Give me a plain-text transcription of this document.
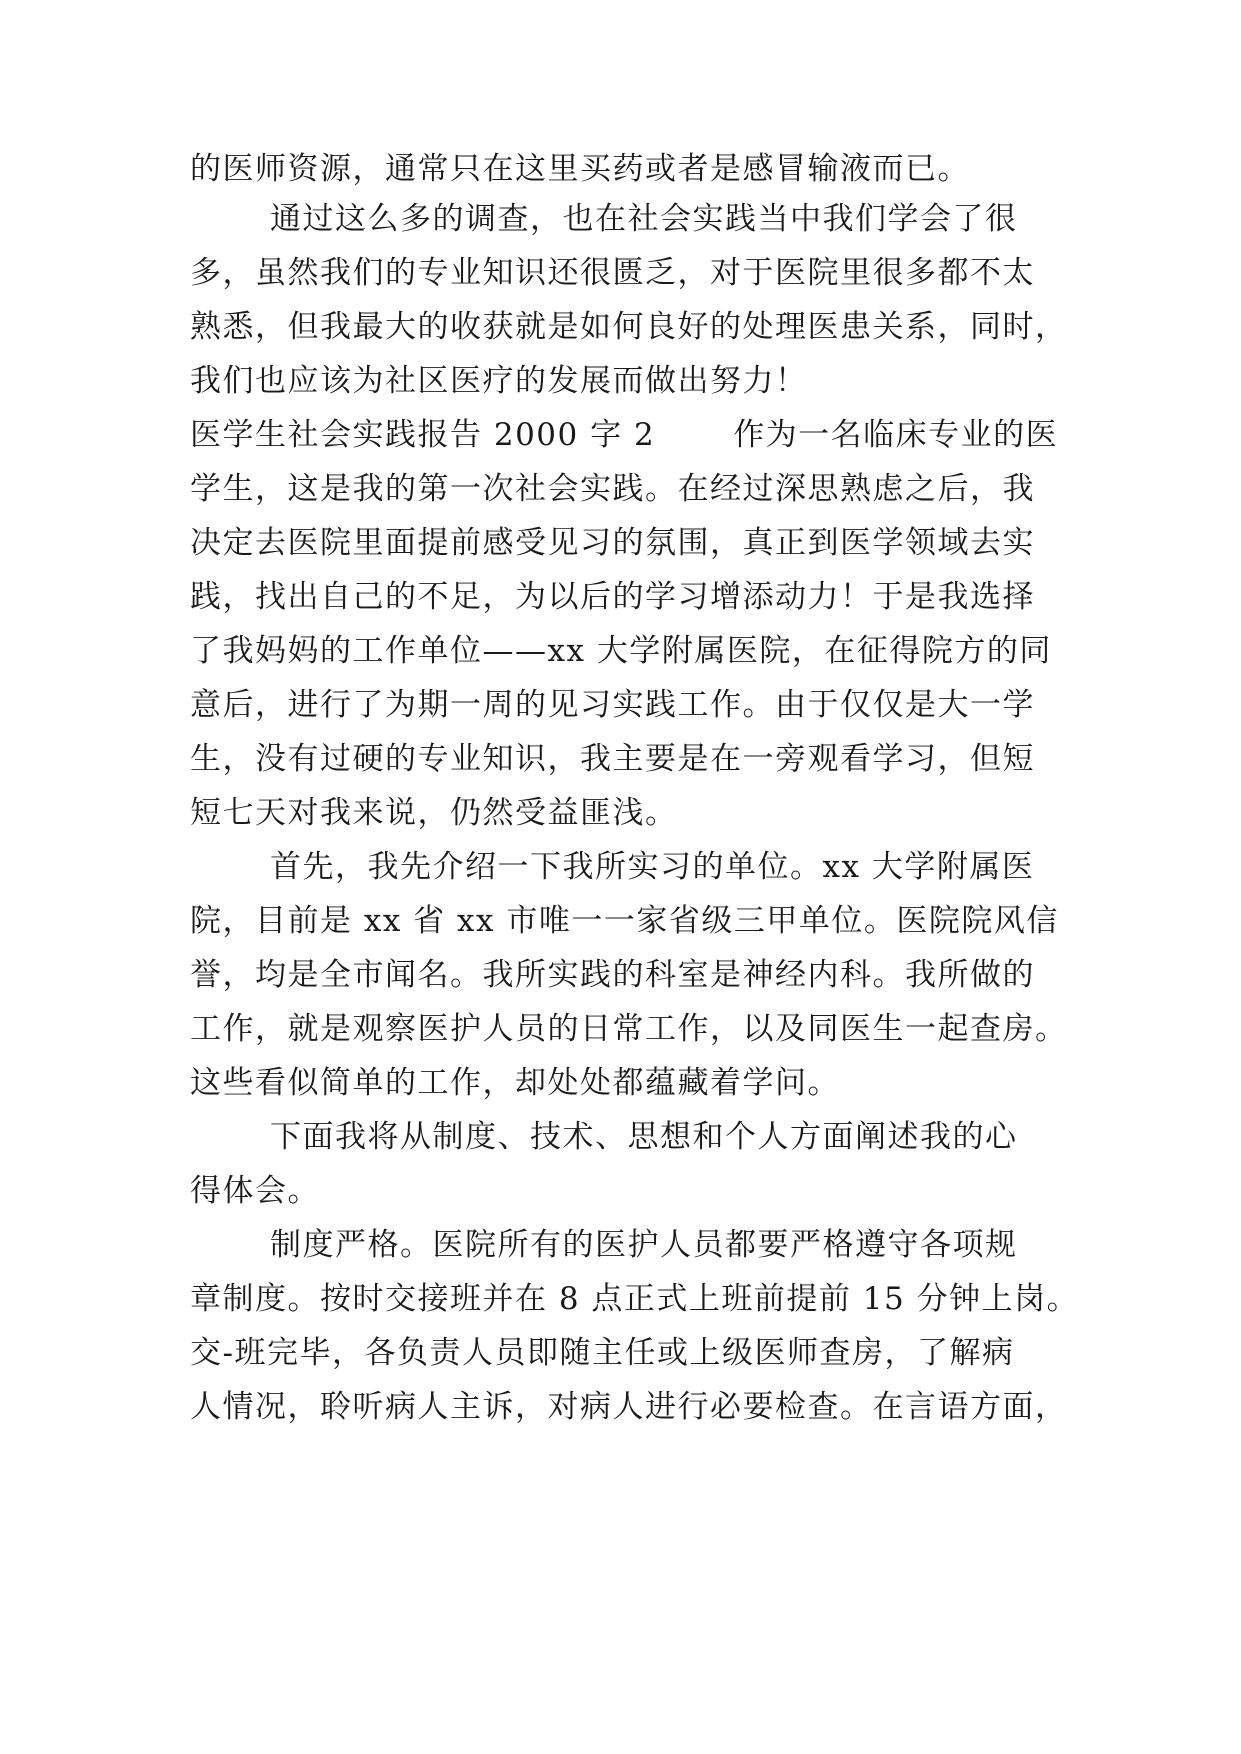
的医师资源，通常只在这里买药或者是感冒输液而已。
通过这么多的调查，也在社会实践当中我们学会了很
多，虽然我们的专业知识还很匮乏，对于医院里很多都不太
熟悉，但我最大的收获就是如何良好的处理医患关系，同时，
我们也应该为社区医疗的发展而做出努力！
医学生社会实践报告 2000 字 2	作为一名临床专业的医
学生，这是我的第一次社会实践。在经过深思熟虑之后，我
决定去医院里面提前感受见习的氛围，真正到医学领域去实
践，找出自己的不足，为以后的学习增添动力！于是我选择
了我妈妈的工作单位——xx 大学附属医院，在征得院方的同
意后，进行了为期一周的见习实践工作。由于仅仅是大一学
生，没有过硬的专业知识，我主要是在一旁观看学习，但短
短七天对我来说，仍然受益匪浅。
首先，我先介绍一下我所实习的单位。xx 大学附属医
院，目前是 xx 省 xx 市唯一一家省级三甲单位。医院院风信
誉，均是全市闻名。我所实践的科室是神经内科。我所做的
工作，就是观察医护人员的日常工作，以及同医生一起查房。
这些看似简单的工作，却处处都蕴藏着学问。
下面我将从制度、技术、思想和个人方面阐述我的心
得体会。
制度严格。医院所有的医护人员都要严格遵守各项规
章制度。按时交接班并在 8 点正式上班前提前 15 分钟上岗。
交-班完毕，各负责人员即随主任或上级医师查房，了解病
人情况，聆听病人主诉，对病人进行必要检查。在言语方面，
